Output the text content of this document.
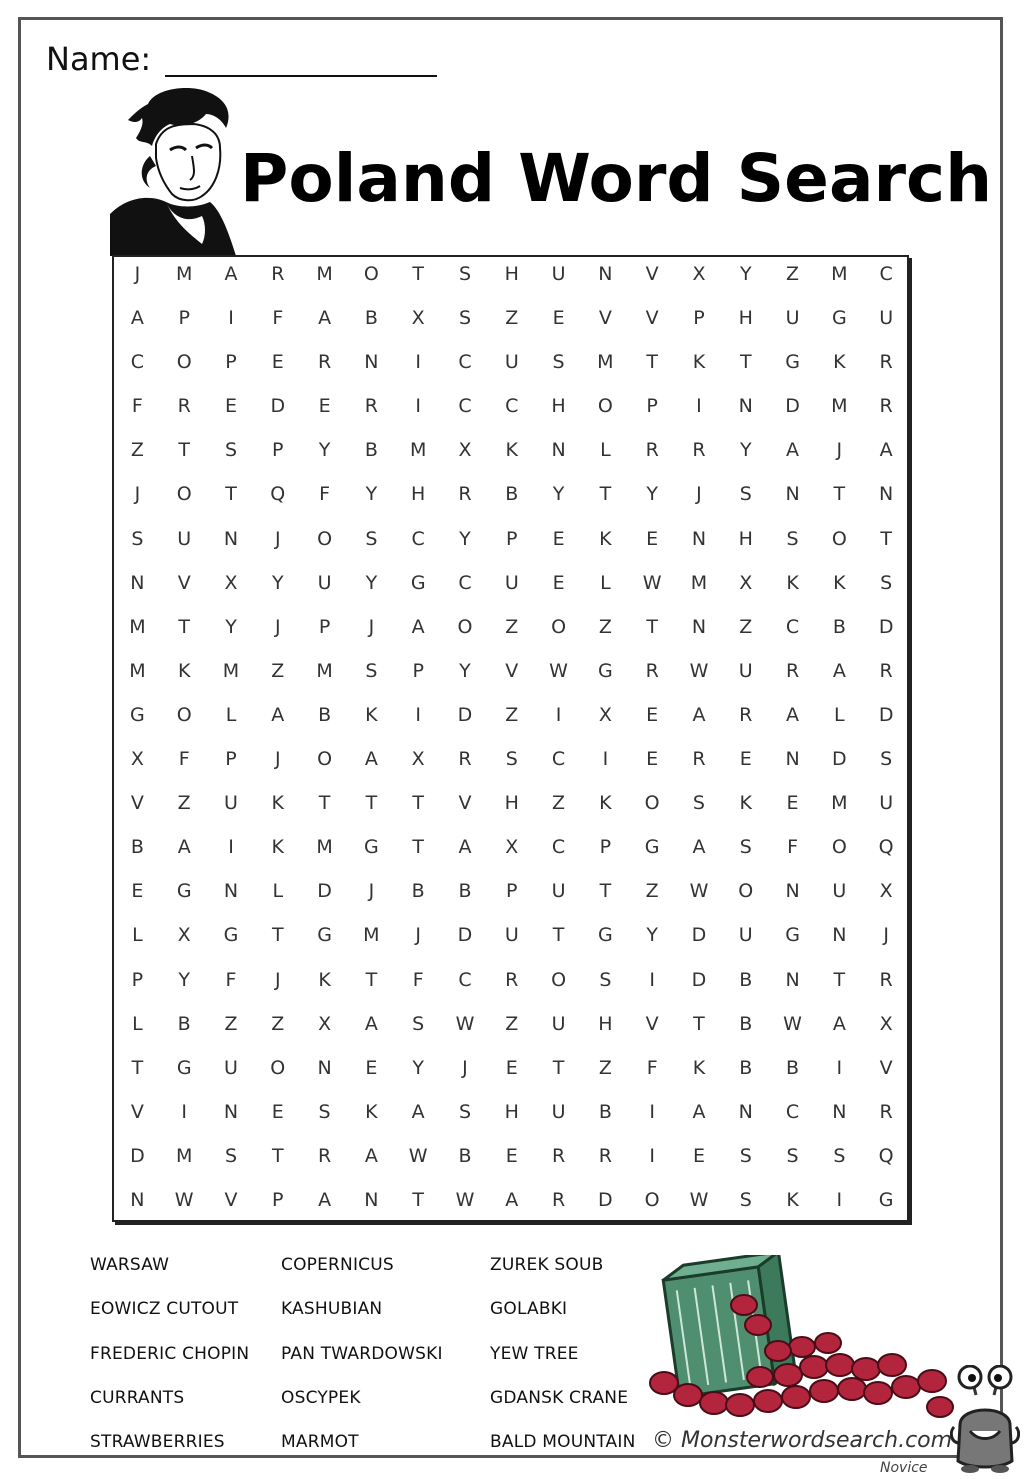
Name:
Poland Word Search
J	M	A	R	M	O	T	S	H	U	N	V	X	Y	Z	M	C
A	P	I	F	A	B	X	S	Z	E	V	V	P	H	U	G	U
C	O	P	E	R	N	I	C	U	S	M	T	K	T	G	K	R
F	R	E	D	E	R	I	C	C	H	O	P	I	N	D	M	R
Z	T	S	P	Y	B	M	X	K	N	L	R	R	Y	A	J	A
J	O	T	Q	F	Y	H	R	B	Y	T	Y	J	S	N	T	N
S	U	N	J	O	S	C	Y	P	E	K	E	N	H	S	O	T
N	V	X	Y	U	Y	G	C	U	E	L	W	M	X	K	K	S
M	T	Y	J	P	J	A	O	Z	O	Z	T	N	Z	C	B	D
M	K	M	Z	M	S	P	Y	V	W	G	R	W	U	R	A	R
G	O	L	A	B	K	I	D	Z	I	X	E	A	R	A	L	D
X	F	P	J	O	A	X	R	S	C	I	E	R	E	N	D	S
V	Z	U	K	T	T	T	V	H	Z	K	O	S	K	E	M	U
B	A	I	K	M	G	T	A	X	C	P	G	A	S	F	O	Q
E	G	N	L	D	J	B	B	P	U	T	Z	W	O	N	U	X
L	X	G	T	G	M	J	D	U	T	G	Y	D	U	G	N	J
P	Y	F	J	K	T	F	C	R	O	S	I	D	B	N	T	R
L	B	Z	Z	X	A	S	W	Z	U	H	V	T	B	W	A	X
T	G	U	O	N	E	Y	J	E	T	Z	F	K	B	B	I	V
V	I	N	E	S	K	A	S	H	U	B	I	A	N	C	N	R
D	M	S	T	R	A	W	B	E	R	R	I	E	S	S	S	Q
N	W	V	P	A	N	T	W	A	R	D	O	W	S	K	I	G
WARSAW
EOWICZ CUTOUT
FREDERIC CHOPIN
CURRANTS
STRAWBERRIES
COPERNICUS
KASHUBIAN
PAN TWARDOWSKI
OSCYPEK
MARMOT
ZUREK SOUB
GOLABKI
YEW TREE
GDANSK CRANE
BALD MOUNTAIN © Monsterwordsearch.com
Novice
